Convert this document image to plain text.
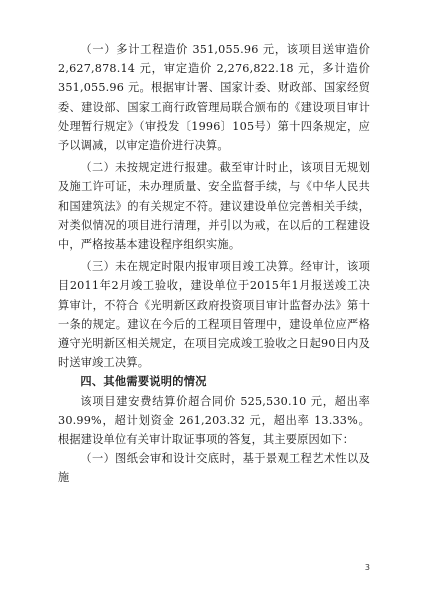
（一）多计工程造价 351,055.96 元，该项目送审造价 2,627,878.14 元，审定造价 2,276,822.18 元，多计造价 351,055.96 元。根据审计署、国家计委、财政部、国家经贸委、建设部、国家工商行政管理局联合颁布的《建设项目审计处理暂行规定》（审投发〔1996〕105号）第十四条规定，应予以调减，以审定造价进行决算。

（二）未按规定进行报建。截至审计时止，该项目无规划及施工许可证，未办理质量、安全监督手续，与《中华人民共和国建筑法》的有关规定不符。建议建设单位完善相关手续，对类似情况的项目进行清理，并引以为戒，在以后的工程建设中，严格按基本建设程序组织实施。

（三）未在规定时限内报审项目竣工决算。经审计，该项目2011年2月竣工验收，建设单位于2015年1月报送竣工决算审计，不符合《光明新区政府投资项目审计监督办法》第十一条的规定。建议在今后的工程项目管理中，建设单位应严格遵守光明新区相关规定，在项目完成竣工验收之日起90日内及时送审竣工决算。

四、其他需要说明的情况

该项目建安费结算价超合同价 525,530.10 元，超出率 30.99%，超计划资金 261,203.32 元，超出率 13.33%。根据建设单位有关审计取证事项的答复，其主要原因如下：

（一）图纸会审和设计交底时，基于景观工程艺术性以及施

3
